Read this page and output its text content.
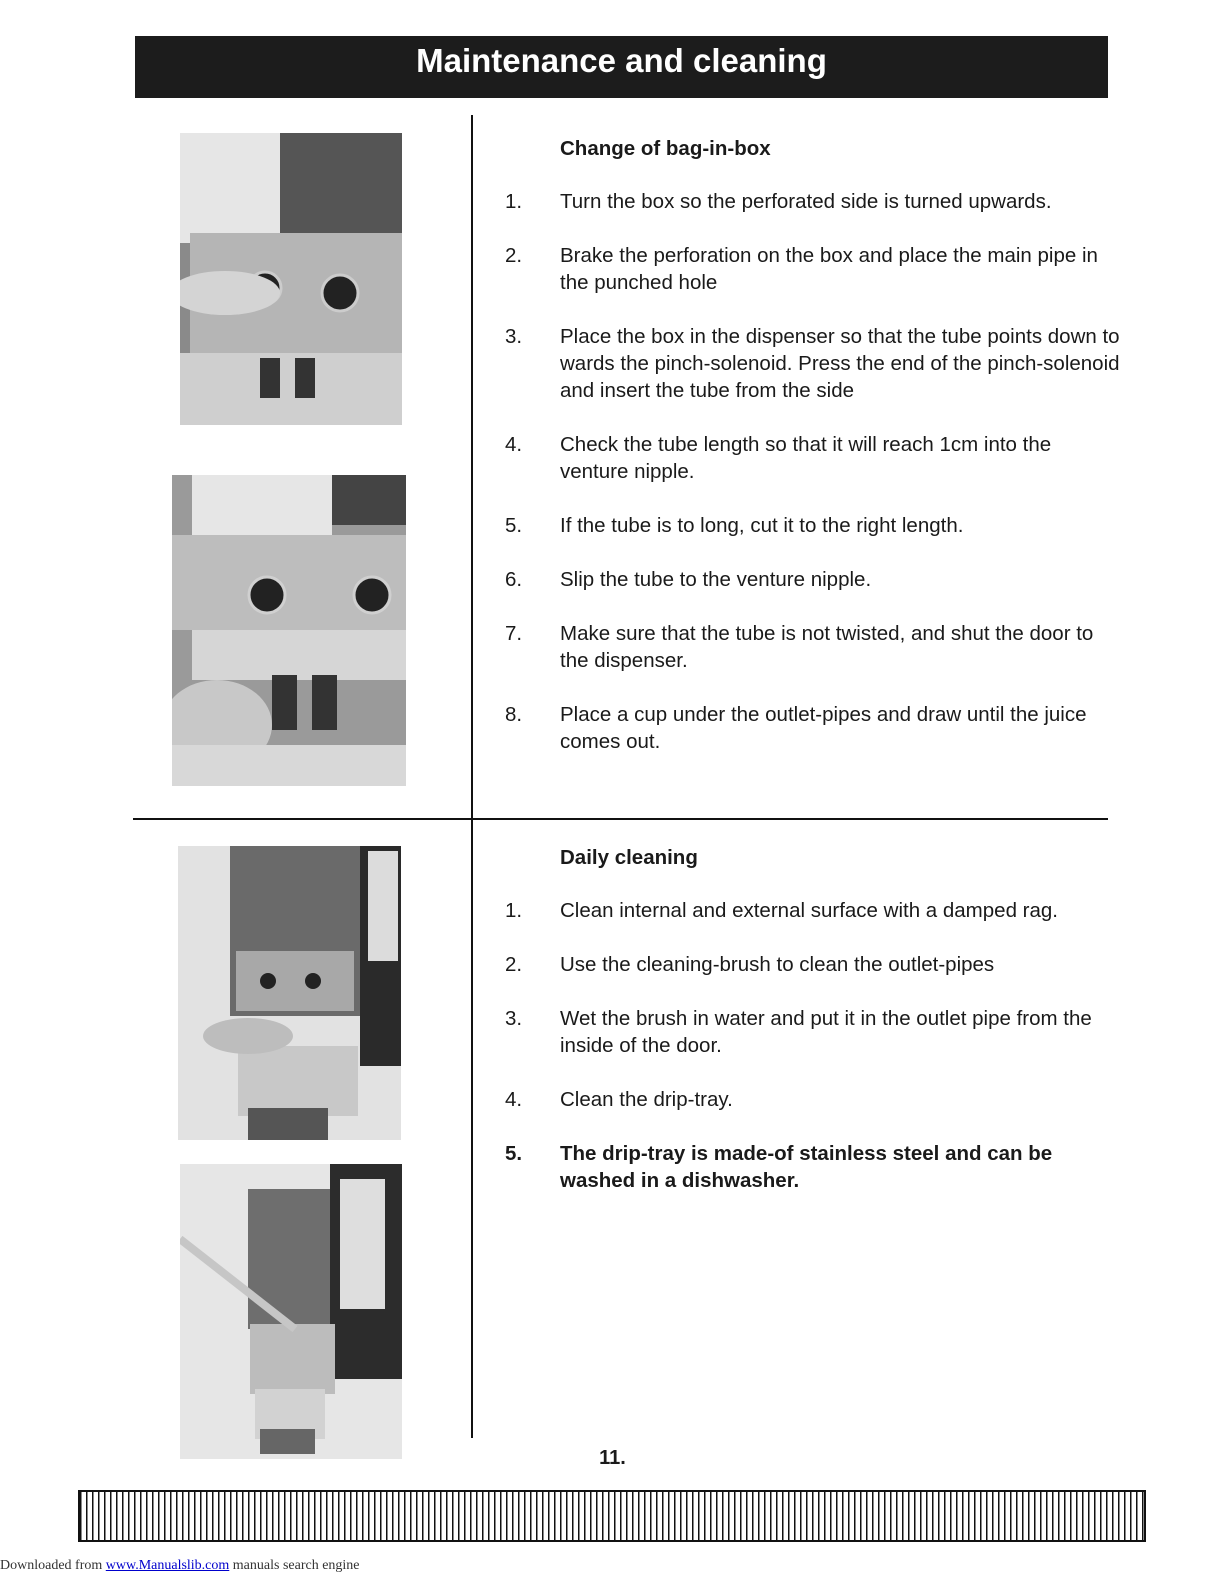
Maintenance and cleaning
Change of bag-in-box
1. Turn the box so the perforated side is turned upwards.
2. Brake the perforation on the box and place the main pipe in the punched hole
3. Place the box in the dispenser so that the tube points down to wards the pinch-solenoid. Press the end of the pinch-solenoid and insert the tube from the side
4. Check the tube length so that it will reach 1cm into the venture nipple.
5. If the tube is to long, cut it to the right length.
6. Slip the tube to the venture nipple.
7. Make sure that the tube is not twisted, and shut the door to the dispenser.
8. Place a cup under the outlet-pipes and draw until the juice comes out.
Daily cleaning
1. Clean internal and external surface with a damped rag.
2. Use the cleaning-brush to clean the outlet-pipes
3. Wet the brush in water and put it in the outlet pipe from the inside of the door.
4. Clean the drip-tray.
5. The drip-tray is made-of stainless steel and can be washed in a dishwasher.
11.
Downloaded from www.Manualslib.com manuals search engine
